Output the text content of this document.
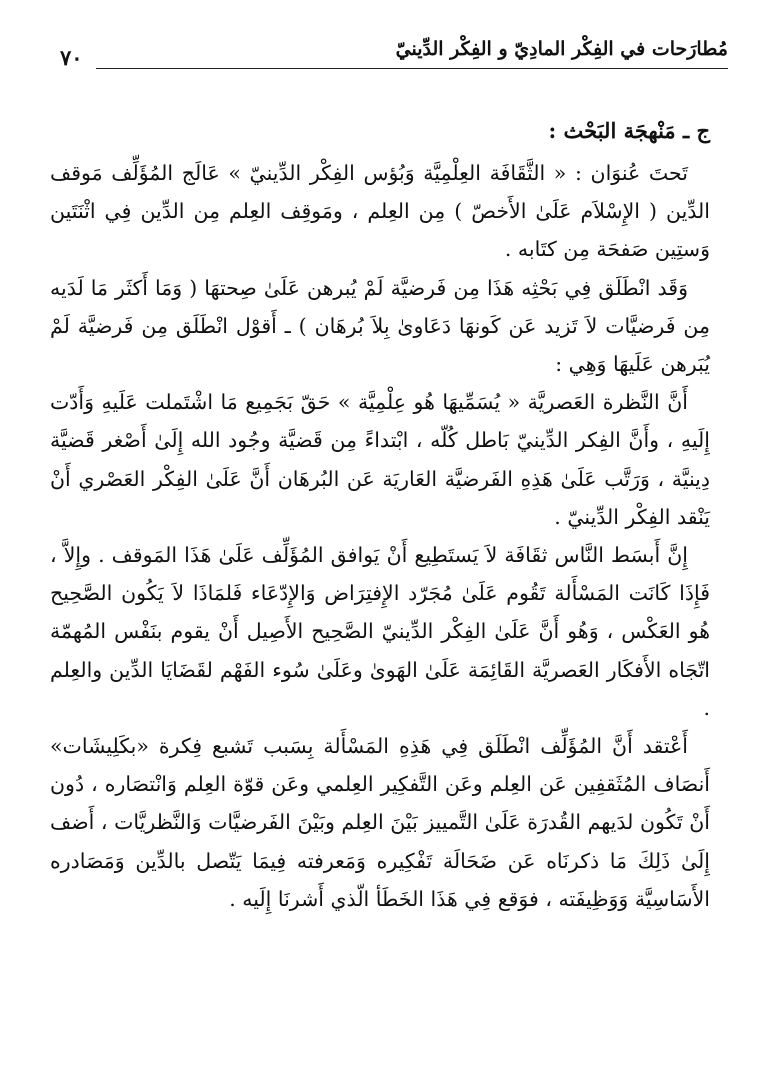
مُطارَحات في الفِكْر المادِيّ و الفِكْر الدِّينيّ
٧٠
ج ـ مَنْهجَة البَحْث :

تَحتَ عُنوَان : « الثَّقَافَة العِلْمِيَّة وَبُؤس الفِكْر الدِّينيّ » عَالَج المُؤَلِّف مَوقف الدِّين ( الإِسْلاَم عَلَىٰ الأَخصّ ) مِن العِلم ، ومَوقِف العِلم مِن الدِّين فِي اثْنَتَين وَستِين صَفحَة مِن كتَابه .

وَقَد انْطَلَق فِي بَحْثِه هَذَا مِن فَرضيَّة لَمْ يُبرهن عَلَىٰ صِحتهَا ( وَمَا أَكثَر مَا لَدَيه مِن فَرضيَّات لاَ تَزيد عَن كَونهَا دَعَاوىٰ بِلاَ بُرهَان ) ـ أَقوْل انْطَلَق مِن فَرضيَّة لَمْ يُبَرهن عَلَيهَا وَهِي :

أَنَّ النَّظرة العَصريَّة « يُسَمِّيهَا هُو عِلْمِيَّة » حَقّ بَجَمِيع مَا اشْتَملت عَلَيهِ وَأَدّت إِلَيهِ ، وأَنَّ الفِكر الدِّينيّ بَاطل كُلّه ، ابْتداءً مِن قَضيَّة وجُود الله إِلَىٰ أَصْغر قَضيَّة دِينيَّة ، وَرَتَّب عَلَىٰ هَذِهِ الفَرضيَّة العَاريَة عَن البُرهَان أَنَّ عَلَىٰ الفِكْر العَصْري أَنْ يَنْقد الفِكْر الدِّينيّ .

إِنَّ أَبسَط النَّاس ثقَافَة لاَ يَستَطِيع أَنْ يَوافق المُؤَلِّف عَلَىٰ هَذَا المَوقف . وإِلاَّ ، فَإِذَا كَانَت المَسْأَلة تَقُوم عَلَىٰ مُجَرّد الإِفتِرَاض وَالإِدّعَاء فَلمَاذَا لاَ يَكُون الصَّحِيح هُو العَكْس ، وَهُو أَنَّ عَلَىٰ الفِكْر الدِّينيّ الصَّحِيح الأَصِيل أَنْ يقوم بنَفْس المُهمّة اتّجَاه الأَفكَار العَصريَّة القَائِمَة عَلَىٰ الهَوىٰ وعَلَىٰ سُوء الفَهْم لقَضَايَا الدِّين والعِلم .

أَعْتقد أَنَّ المُؤَلِّف انْطَلَق فِي هَذِهِ المَسْأَلة بِسَبب تَشبع فِكرة «بكَلِيشَات» أَنصَاف المُثَقفِين عَن العِلم وعَن التَّفكِير العِلمي وعَن قوّة العِلم وَانْتصَاره ، دُون أَنْ تَكُون لدَيهم القُدرَة عَلَىٰ التَّمييز بَيْنَ العِلم وبَيْنَ الفَرضيَّات وَالنَّظريَّات ، أَضف إِلَىٰ ذَلِكَ مَا ذكرنَاه عَن ضَحَالَة تَفْكِيره وَمَعرفته فِيمَا يَتّصل بالدِّين وَمَصَادره الأَسَاسِيَّة وَوَظِيفَته ، فوَقع فِي هَذَا الخَطَأ الّذي أَشرنَا إِلَيه .
